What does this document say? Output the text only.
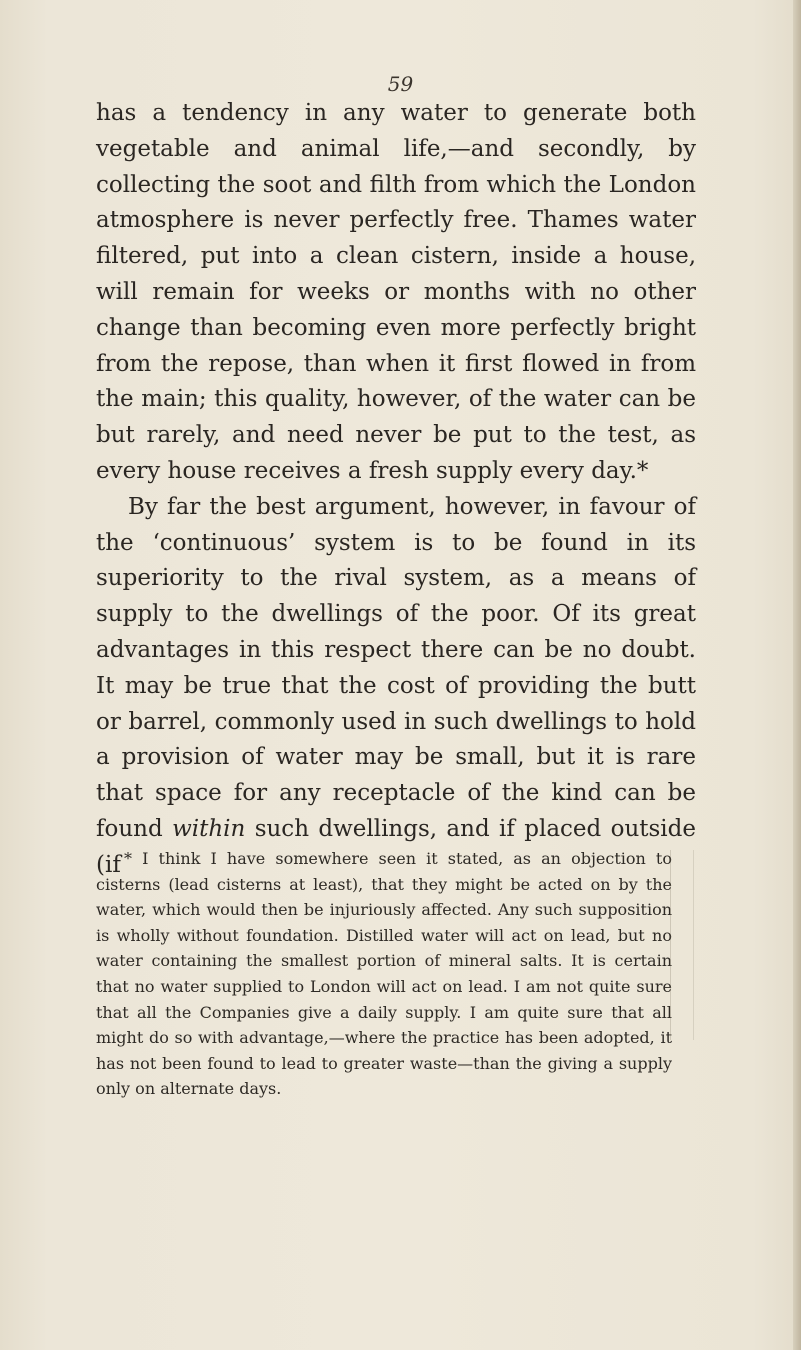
59

has a tendency in any water to generate both vegetable and animal life,—and secondly, by collecting the soot and filth from which the London atmosphere is never perfectly free. Thames water filtered, put into a clean cistern, inside a house, will remain for weeks or months with no other change than becoming even more perfectly bright from the repose, than when it first flowed in from the main; this quality, however, of the water can be but rarely, and need never be put to the test, as every house receives a fresh supply every day.*

By far the best argument, however, in favour of the ‘continuous’ system is to be found in its superiority to the rival system, as a means of supply to the dwellings of the poor. Of its great advantages in this respect there can be no doubt. It may be true that the cost of providing the butt or barrel, commonly used in such dwellings to hold a provision of water may be small, but it is rare that space for any receptacle of the kind can be found within such dwellings, and if placed outside (if * I think I have somewhere seen it stated, as an objection to cisterns (lead cisterns at least), that they might be acted on by the water, which would then be injuriously affected. Any such supposition is wholly without foundation. Distilled water will act on lead, but no water containing the smallest portion of mineral salts. It is certain that no water supplied to London will act on lead. I am not quite sure that all the Companies give a daily supply. I am quite sure that all might do so with advantage,—where the practice has been adopted, it has not been found to lead to greater waste—than the giving a supply only on alternate days.
